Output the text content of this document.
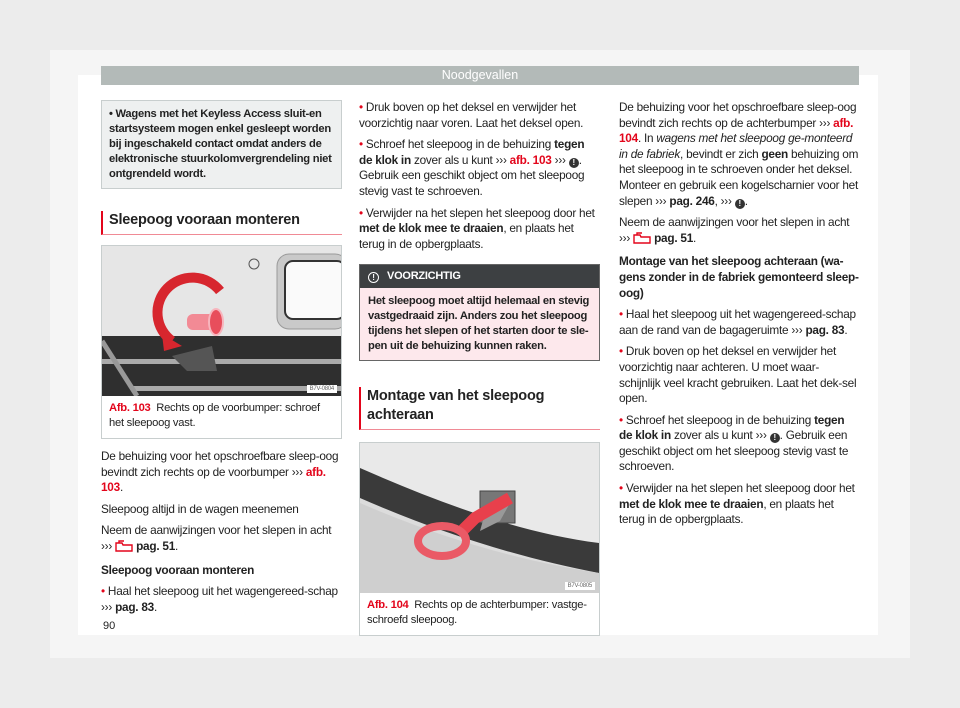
Noodgevallen
• Wagens met het Keyless Access sluit-en startsysteem mogen enkel gesleept worden bij ingeschakeld contact omdat anders de elektronische stuurkolomvergrendeling niet ontgrendeld wordt.
Sleepoog vooraan monteren
B7V-0804
Afb. 103 Rechts op de voorbumper: schroef het sleepoog vast.
De behuizing voor het opschroefbare sleep-oog bevindt zich rechts op de voorbumper ››› afb. 103.
Sleepoog altijd in de wagen meenemen
Neem de aanwijzingen voor het slepen in acht ›››  pag. 51.
Sleepoog vooraan monteren
• Haal het sleepoog uit het wagengereed-schap ››› pag. 83.
• Druk boven op het deksel en verwijder het voorzichtig naar voren. Laat het deksel open.
• Schroef het sleepoog in de behuizing tegen de klok in zover als u kunt ››› afb. 103 ››› ! . Gebruik een geschikt object om het sleepoog stevig vast te schroeven.
• Verwijder na het slepen het sleepoog door het met de klok mee te draaien, en plaats het terug in de opbergplaats.
! VOORZICHTIG
Het sleepoog moet altijd helemaal en stevig vastgedraaid zijn. Anders zou het sleepoog tijdens het slepen of het starten door te sle-pen uit de behuizing kunnen raken.
Montage van het sleepoog achteraan
B7V-0805
Afb. 104 Rechts op de achterbumper: vastge-schroefd sleepoog.
De behuizing voor het opschroefbare sleep-oog bevindt zich rechts op de achterbumper ››› afb. 104. In wagens met het sleepoog ge-monteerd in de fabriek, bevindt er zich geen behuizing om het sleepoog in te schroeven onder het deksel. Monteer en gebruik een kogelscharnier voor het slepen ››› pag. 246, ››› ! .
Neem de aanwijzingen voor het slepen in acht ›››  pag. 51.
Montage van het sleepoog achteraan (wa-gens zonder in de fabriek gemonteerd sleep-oog)
• Haal het sleepoog uit het wagengereed-schap aan de rand van de bagageruimte ››› pag. 83.
• Druk boven op het deksel en verwijder het voorzichtig naar achteren. U moet waar-schijnlijk veel kracht gebruiken. Laat het dek-sel open.
• Schroef het sleepoog in de behuizing tegen de klok in zover als u kunt ››› ! . Gebruik een geschikt object om het sleepoog stevig vast te schroeven.
• Verwijder na het slepen het sleepoog door het met de klok mee te draaien, en plaats het terug in de opbergplaats.
90
